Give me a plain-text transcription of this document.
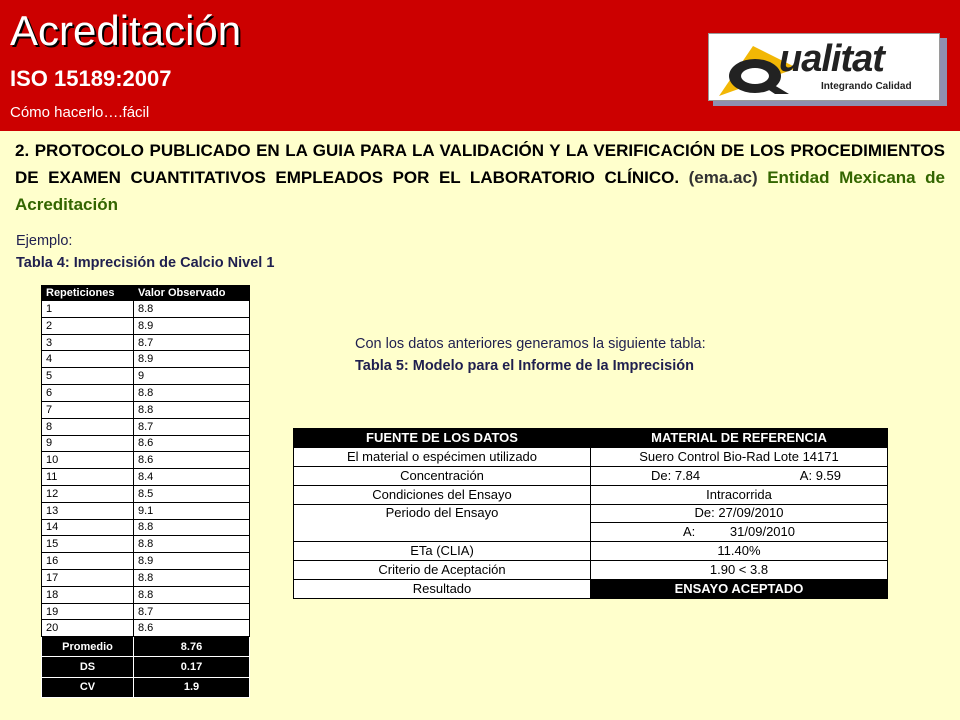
Acreditación
ISO 15189:2007
Cómo hacerlo….fácil
ualitat
Integrando Calidad

2. PROTOCOLO PUBLICADO EN LA GUIA PARA LA VALIDACIÓN Y LA VERIFICACIÓN DE LOS PROCEDIMIENTOS DE EXAMEN CUANTITATIVOS EMPLEADOS POR EL LABORATORIO CLÍNICO. (ema.ac) Entidad Mexicana de Acreditación

Ejemplo:
Tabla 4: Imprecisión de Calcio Nivel 1
Repeticiones	Valor Observado
1	8.8
2	8.9
3	8.7
4	8.9
5	9
6	8.8
7	8.8
8	8.7
9	8.6
10	8.6
11	8.4
12	8.5
13	9.1
14	8.8
15	8.8
16	8.9
17	8.8
18	8.8
19	8.7
20	8.6
Promedio	8.76
DS	0.17
CV	1.9
Con los datos anteriores generamos la siguiente tabla:
Tabla 5: Modelo para el Informe de la Imprecisión
FUENTE DE LOS DATOS	MATERIAL DE REFERENCIA
El material o espécimen utilizado	Suero Control Bio-Rad Lote 14171
Concentración	De: 7.84 A: 9.59

Condiciones del Ensayo	Intracorrida
Periodo del Ensayo	De: 27/09/2010

	A: 31/09/2010

ETa (CLIA)	11.40%
Criterio de Aceptación	1.90 < 3.8
Resultado	ENSAYO ACEPTADO
